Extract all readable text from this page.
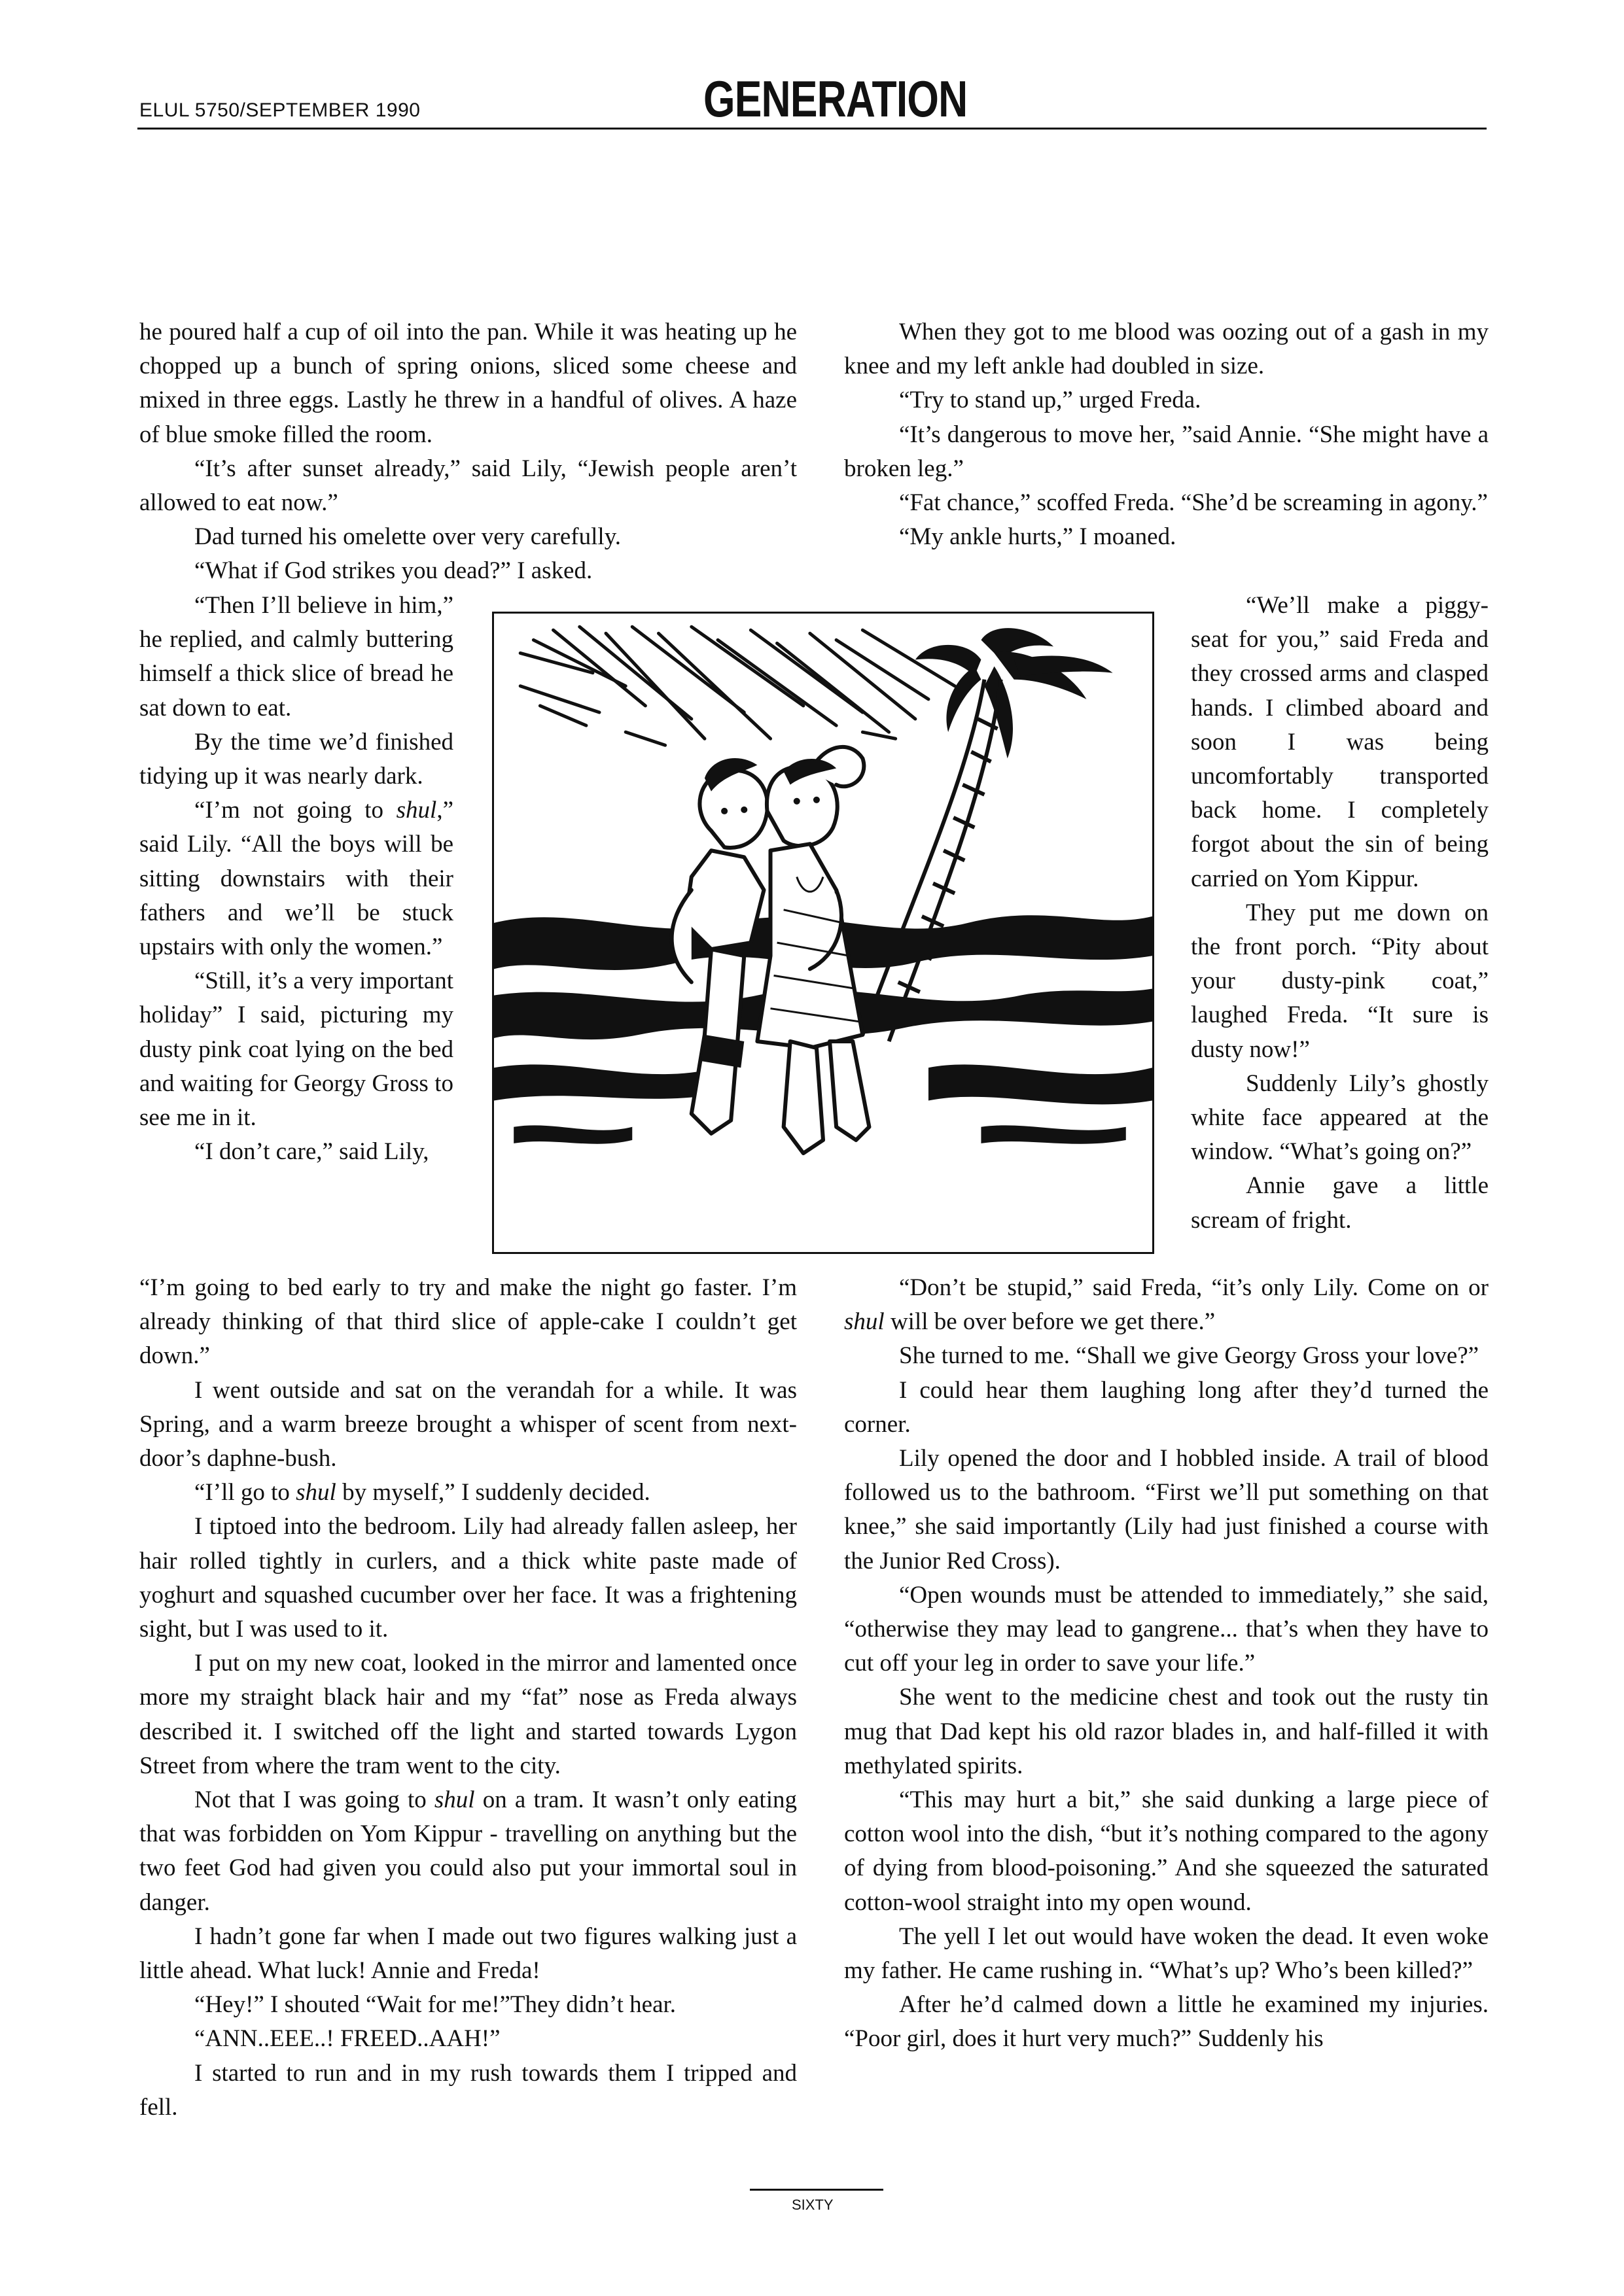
ELUL 5750/SEPTEMBER 1990	GENERATION

he poured half a cup of oil into the pan. While it was heating up he chopped up a bunch of spring onions, sliced some cheese and mixed in three eggs. Lastly he threw in a handful of olives. A haze of blue smoke filled the room.

“It’s after sunset already,” said Lily, “Jewish people aren’t allowed to eat now.”

Dad turned his omelette over very carefully.

“What if God strikes you dead?” I asked.

“Then I’ll believe in him,” he replied, and calmly buttering himself a thick slice of bread he sat down to eat.

By the time we’d finished tidying up it was nearly dark.

“I’m not going to shul,” said Lily. “All the boys will be sitting downstairs with their fathers and we’ll be stuck upstairs with only the women.”

“Still, it’s a very important holiday” I said, picturing my dusty pink coat lying on the bed and waiting for Georgy Gross to see me in it.

“I don’t care,” said Lily,

“I’m going to bed early to try and make the night go faster. I’m already thinking of that third slice of apple-cake I couldn’t get down.”

I went outside and sat on the verandah for a while. It was Spring, and a warm breeze brought a whisper of scent from next-door’s daphne-bush.

“I’ll go to shul by myself,” I suddenly decided.

I tiptoed into the bedroom. Lily had already fallen asleep, her hair rolled tightly in curlers, and a thick white paste made of yoghurt and squashed cucumber over her face. It was a frightening sight, but I was used to it.

I put on my new coat, looked in the mirror and lamented once more my straight black hair and my “fat” nose as Freda always described it. I switched off the light and started towards Lygon Street from where the tram went to the city.

Not that I was going to shul on a tram. It wasn’t only eating that was forbidden on Yom Kippur - travelling on anything but the two feet God had given you could also put your immortal soul in danger.

I hadn’t gone far when I made out two figures walking just a little ahead. What luck! Annie and Freda!

“Hey!” I shouted “Wait for me!”They didn’t hear.

“ANN..EEE..! FREED..AAH!”

I started to run and in my rush towards them I tripped and fell.

When they got to me blood was oozing out of a gash in my knee and my left ankle had doubled in size.

“Try to stand up,” urged Freda.

“It’s dangerous to move her, ”said Annie. “She might have a broken leg.”

“Fat chance,” scoffed Freda. “She’d be screaming in agony.”

“My ankle hurts,” I moaned.

“We’ll make a piggy-seat for you,” said Freda and they crossed arms and clasped hands. I climbed aboard and soon I was being uncomfortably transported back home. I completely forgot about the sin of being carried on Yom Kippur.

They put me down on the front porch. “Pity about your dusty-pink coat,” laughed Freda. “It sure is dusty now!”

Suddenly Lily’s ghostly white face appeared at the window. “What’s going on?”

Annie gave a little scream of fright.

“Don’t be stupid,” said Freda, “it’s only Lily. Come on or shul will be over before we get there.”

She turned to me. “Shall we give Georgy Gross your love?”

I could hear them laughing long after they’d turned the corner.

Lily opened the door and I hobbled inside. A trail of blood followed us to the bathroom. “First we’ll put something on that knee,” she said importantly (Lily had just finished a course with the Junior Red Cross).

“Open wounds must be attended to immediately,” she said, “otherwise they may lead to gangrene... that’s when they have to cut off your leg in order to save your life.”

She went to the medicine chest and took out the rusty tin mug that Dad kept his old razor blades in, and half-filled it with methylated spirits.

“This may hurt a bit,” she said dunking a large piece of cotton wool into the dish, “but it’s nothing compared to the agony of dying from blood-poisoning.” And she squeezed the saturated cotton-wool straight into my open wound.

The yell I let out would have woken the dead. It even woke my father. He came rushing in. “What’s up? Who’s been killed?”

After he’d calmed down a little he examined my injuries. “Poor girl, does it hurt very much?” Suddenly his

SIXTY
